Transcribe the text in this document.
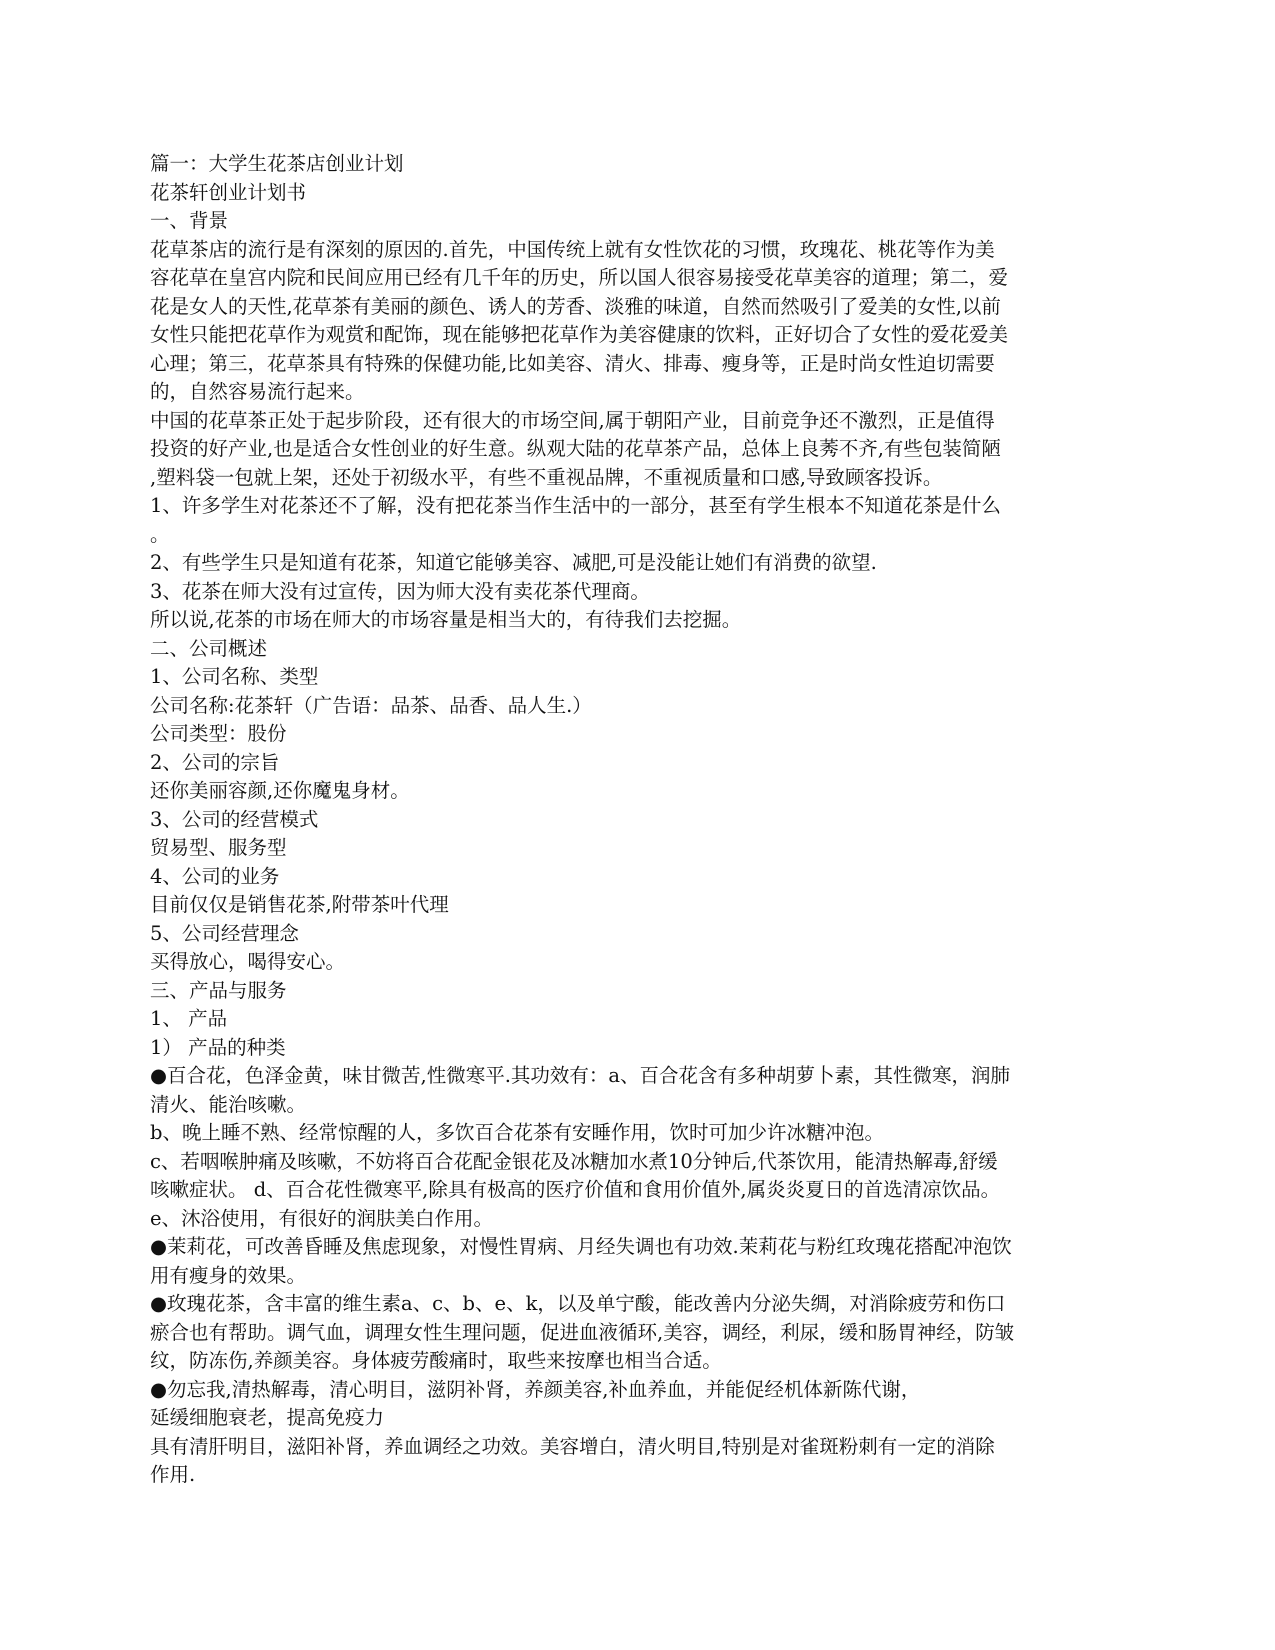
篇一：大学生花茶店创业计划
花茶轩创业计划书
一、背景
花草茶店的流行是有深刻的原因的.首先，中国传统上就有女性饮花的习惯，玫瑰花、桃花等作为美
容花草在皇宫内院和民间应用已经有几千年的历史，所以国人很容易接受花草美容的道理；第二，爱
花是女人的天性,花草茶有美丽的颜色、诱人的芳香、淡雅的味道，自然而然吸引了爱美的女性,以前
女性只能把花草作为观赏和配饰，现在能够把花草作为美容健康的饮料，正好切合了女性的爱花爱美
心理；第三，花草茶具有特殊的保健功能,比如美容、清火、排毒、瘦身等，正是时尚女性迫切需要
的，自然容易流行起来。
中国的花草茶正处于起步阶段，还有很大的市场空间,属于朝阳产业，目前竞争还不激烈，正是值得
投资的好产业,也是适合女性创业的好生意。纵观大陆的花草茶产品，总体上良莠不齐,有些包装简陋
,塑料袋一包就上架，还处于初级水平，有些不重视品牌，不重视质量和口感,导致顾客投诉。
1、许多学生对花茶还不了解，没有把花茶当作生活中的一部分，甚至有学生根本不知道花茶是什么
。
2、有些学生只是知道有花茶，知道它能够美容、减肥,可是没能让她们有消费的欲望.
3、花茶在师大没有过宣传，因为师大没有卖花茶代理商。
所以说,花茶的市场在师大的市场容量是相当大的，有待我们去挖掘。
二、公司概述
1、公司名称、类型
公司名称:花茶轩（广告语：品茶、品香、品人生.）
公司类型：股份
2、公司的宗旨
还你美丽容颜,还你魔鬼身材。
3、公司的经营模式
贸易型、服务型
4、公司的业务
目前仅仅是销售花茶,附带茶叶代理
5、公司经营理念
买得放心，喝得安心。
三、产品与服务
1、 产品
1） 产品的种类
●百合花，色泽金黄，味甘微苦,性微寒平.其功效有：a、百合花含有多种胡萝卜素，其性微寒，润肺
清火、能治咳嗽。
b、晚上睡不熟、经常惊醒的人，多饮百合花茶有安睡作用，饮时可加少许冰糖冲泡。
c、若咽喉肿痛及咳嗽，不妨将百合花配金银花及冰糖加水煮10分钟后,代茶饮用，能清热解毒,舒缓
咳嗽症状。 d、百合花性微寒平,除具有极高的医疗价值和食用价值外,属炎炎夏日的首选清凉饮品。
e、沐浴使用，有很好的润肤美白作用。
●茉莉花，可改善昏睡及焦虑现象，对慢性胃病、月经失调也有功效.茉莉花与粉红玫瑰花搭配冲泡饮
用有瘦身的效果。
●玫瑰花茶，含丰富的维生素a、c、b、e、k，以及单宁酸，能改善内分泌失绸，对消除疲劳和伤口
瘀合也有帮助。调气血，调理女性生理问题，促进血液循环,美容，调经，利尿，缓和肠胃神经，防皱
纹，防冻伤,养颜美容。身体疲劳酸痛时，取些来按摩也相当合适。
●勿忘我,清热解毒，清心明目，滋阴补肾，养颜美容,补血养血，并能促经机体新陈代谢，
延缓细胞衰老，提高免疫力
具有清肝明目，滋阳补肾，养血调经之功效。美容增白，清火明目,特别是对雀斑粉刺有一定的消除
作用.
